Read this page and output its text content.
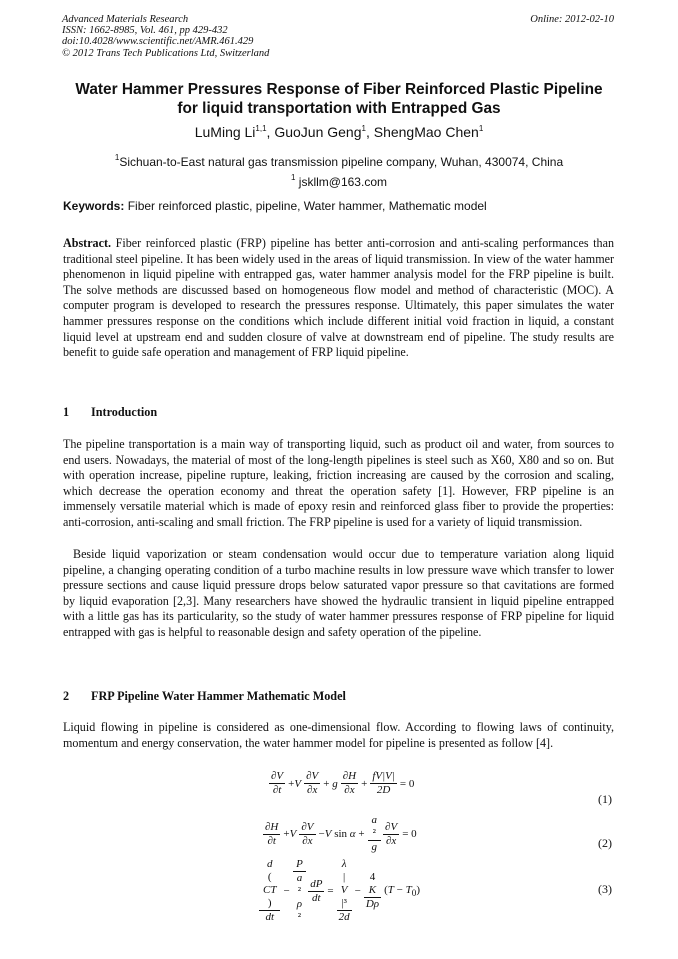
Advanced Materials Research
ISSN: 1662-8985, Vol. 461, pp 429-432
doi:10.4028/www.scientific.net/AMR.461.429
© 2012 Trans Tech Publications Ltd, Switzerland
Online: 2012-02-10
Water Hammer Pressures Response of Fiber Reinforced Plastic Pipeline
for liquid transportation with Entrapped Gas
LuMing Li$^{1,1}$, GuoJun Geng$^1$, ShengMao Chen$^1$
$^1$Sichuan-to-East natural gas transmission pipeline company, Wuhan, 430074, China
$^1$ jskllm@163.com
Keywords: Fiber reinforced plastic, pipeline, Water hammer, Mathematic model
Abstract. Fiber reinforced plastic (FRP) pipeline has better anti-corrosion and anti-scaling performances than traditional steel pipeline. It has been widely used in the areas of liquid transmission. In view of the water hammer phenomenon in liquid pipeline with entrapped gas, water hammer analysis model for the FRP pipeline is built. The solve methods are discussed based on homogeneous flow model and method of characteristic (MOC). A computer program is developed to research the pressures response. Ultimately, this paper simulates the water hammer pressures response on the conditions which include different initial void fraction in liquid, a constant liquid level at upstream end and sudden closure of valve at downstream end of pipeline. The study results are benefit to guide safe operation and management of FRP liquid pipeline.
1 Introduction
The pipeline transportation is a main way of transporting liquid, such as product oil and water, from sources to end users. Nowadays, the material of most of the long-length pipelines is steel such as X60, X80 and so on. But with operation increase, pipeline rupture, leaking, friction increasing are caused by the corrosion and scaling, which decrease the operation economy and threat the operation safety [1]. However, FRP pipeline is an immensely versatile material which is made of epoxy resin and reinforced glass fiber to provide the properties: anti-corrosion, anti-scaling and small friction. The FRP pipeline is used for a variety of liquid transmission.
Beside liquid vaporization or steam condensation would occur due to temperature variation along liquid pipeline, a changing operating condition of a turbo machine results in low pressure wave which transfer to lower pressure sections and cause liquid pressure drops below saturated vapor pressure so that cavitations are formed by liquid evaporation [2,3]. Many researchers have showed the hydraulic transient in liquid pipeline entrapped with a little gas has its particularity, so the study of water hammer pressures response of FRP pipeline for liquid entrapped with gas is helpful to reasonable design and safety operation of the pipeline.
2 FRP Pipeline Water Hammer Mathematic Model
Liquid flowing in pipeline is considered as one-dimensional flow. According to flowing laws of continuity, momentum and energy conservation, the water hammer model for pipeline is presented as follow [4].
$\frac{\partial V}{\partial t} +V \frac{\partial V}{\partial x} + g \frac{\partial H}{\partial x} + \frac{fV|V|}{2D} = 0$
(1)
$\frac{\partial H}{\partial t} +V \frac{\partial V}{\partial x} -V$ sin α + a
²
g $\frac{\partial V}{\partial x} = 0$
(2)
d
(
CT
)
dt − P
a
²
ρ
$^2 \frac{dP}{dt} = \lambda$
|
V
|³
2d − 4
K
Dρ $(T - T_0)$	(3)
